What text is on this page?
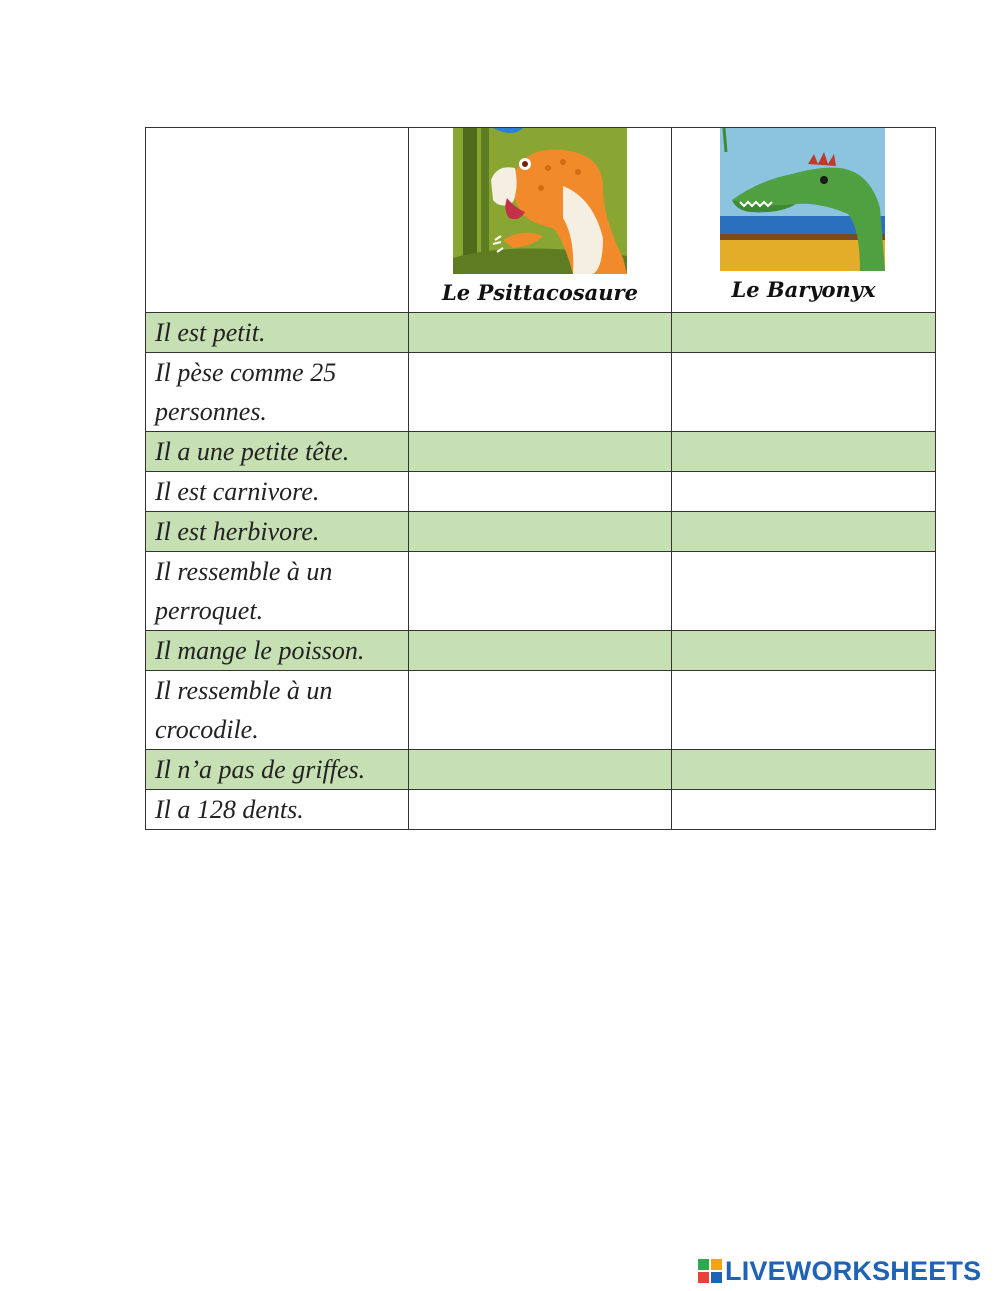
	Le Psittacosaure	Le Baryonyx

Il est petit.	

Il pèse comme 25 personnes.	

Il a une petite tête.	

Il est carnivore.	

Il est herbivore.	

Il ressemble à un perroquet.	

Il mange le poisson.	

Il ressemble à un crocodile.	

Il n’a pas de griffes.	

Il a 128 dents.	

LIVEWORKSHEETS
